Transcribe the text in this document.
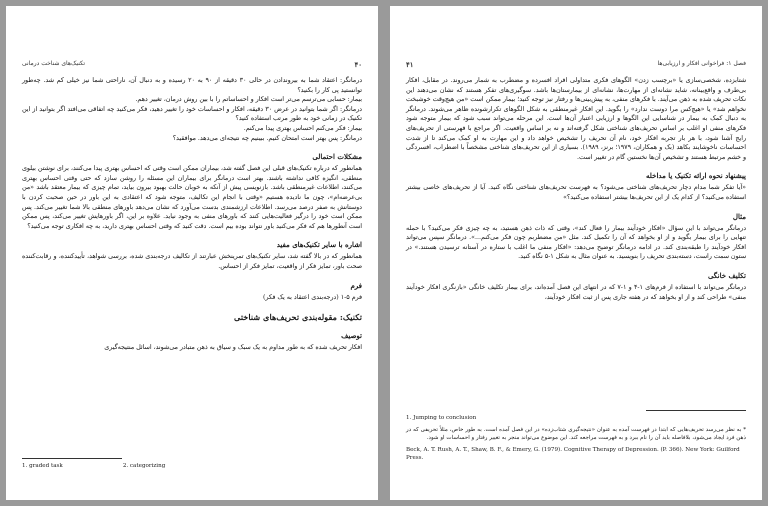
۴۰
تکنیک‌های شناخت درمانی
درمانگر: اعتقاد شما به بیروندادن در حالی ۳۰ دقیقه از ۹۰ به ۲۰ رسیده و به دنبال آن، ناراحتی شما نیز خیلی کم شد. چه‌طور توانستید پی کار را بکنید؟
بیمار: حسابی می‌ترسم می‌تر است افکار و احساساتم را با بین روش درمان، تغییر دهم.
درمانگر: اگر شما بتوانید در عرض ۳۰ دقیقه، افکار و احساسات خود را تغییر دهید، فکر می‌کنید چه اتفاقی می‌افتد اگر بتوانید از این تکنیک در زمانی خود به طور مرتب استفاده کنید؟
بیمار: فکر می‌کنم احساس بهتری پیدا می‌کنم.
درمانگر: پس بهتر است امتحان کنیم. ببینیم چه نتیجه‌ای می‌دهد. موافقید؟
مشکلات احتمالی
همانطور که درباره تکنیک‌های قبلی این فصل گفته شد، بیماران ممکن است وقتی که احساس بهتری پیدا می‌کنند، برای نوشتن بیلوی منطقی، انگیزه کافی نداشته باشند. بهتر است درمانگر برای بیماران این مسئله را روشن سازد که حتی وقتی احساس بهتری می‌کنند، اطلاعات غیرمنطقی باشد. بازنویسی پیش از آنکه به خوبان حالت بهبود بیرون بیاید، تمام چیزی که بیمار معتقد باشد «من بی‌عرضه‌ام»، چون ما نادیده هستیم «وقتی با انجام این تکالیف، متوجه شود که اعتقادی به این باور در حین صحبت کردن با دوستانش به صفر درصد می‌رسد. اطلاعات ارزشمندی بدست می‌آورد که نشان می‌دهد باورهای منطقی بالا شما تغییر می‌کند. پس ممکن است خود را درگیر فعالیت‌هایی کنند که باورهای منفی به وجود نیاید. علاوه بر این، اگر باورهایش تغییر می‌کند، پس ممکن است آنطورها هم که فکر می‌کنید باور نتواند بوده بیم است. دقت کنید که وقتی احساس بهتری دارید، به چه افکاری توجه می‌کنید؟
اشاره با سایر تکنیک‌های مفید
همانطور که در بالا گفته شد، سایر تکنیک‌های تمرینخش عبارتند از تکالیف درجه‌بندی شده، بررسی شواهد، تأییدکننده، و رقابت‌کننده صحت باور، تمایز فکر از واقعیت، تمایز فکر از احساس.
فرم
فرم ۵-۱ (درجه‌بندی اعتقاد به یک فکر)
تکنیک: مقوله‌بندی تحریف‌های شناختی
توصیف
افکار تحریف شده که به طور مداوم به یک سبک و سیاق به ذهن متبادر می‌شوند، اسائل منتیجه‌گیری
1. graded task	2. categorizing
فصل ۱: فراخوانی افکار و ارزیابی‌ها
۴۱
شتابزده، شخصی‌سازی یا «برچسب زدن» الگوهای فکری متداولی افراد افسرده و مضطرب به شمار می‌روند. در مقابل، افکار بی‌طرف و واقع‌بینانه، شاید نشانه‌ای از مهارت‌ها، نشانه‌ای از بیمارستان‌ها باشد. سوگیری‌های تفکر هستند که نشان می‌دهند این نکات تحریف شده به ذهن می‌آیند. با فکرهای منفی، به پیش‌بینی‌ها و رفتار نیز توجه کنید؛ بیمار ممکن است «من هیچ‌وقت خوشبخت نخواهم شد» یا «هیچ‌کس مرا دوست ندارد» را بگوید. این افکار غیرمنطقی به شکل الگوهای تکرارشونده ظاهر می‌شوند. درمانگر به دنبال کمک به بیمار در شناسایی این الگوها و ارزیابی اعتبار آن‌ها است. این مرحله می‌تواند سبب شود که بیمار متوجه شود فکرهای منفی او اغلب بر اساس تحریف‌های شناختی شکل گرفته‌اند و نه بر اساس واقعیت. اگر مراجع با فهرستی از تحریف‌های رایج آشنا شود، با هر بار تجربه افکار خود، نام آن تحریف را تشخیص خواهد داد و این مهارت به او کمک می‌کند تا از شدت احساسات ناخوشایند بکاهد (بک و همکاران، ۱۹۷۹؛ برنز، ۱۹۸۹). بسیاری از این تحریف‌های شناختی مشخصاً با اضطراب، افسردگی و خشم مرتبط هستند و تشخیص آن‌ها نخستین گام در تغییر است.
پیشنهاد نحوه ارائه تکنیک یا مداخله
«آیا تفکر شما مدام دچار تحریف‌های شناختی می‌شود؟ به فهرست تحریف‌های شناختی نگاه کنید. آیا از تحریف‌های خاصی بیشتر استفاده می‌کنید؟ از کدام یک از این تحریف‌ها بیشتر استفاده می‌کنید؟»
مثال
درمانگر می‌تواند با این سؤال «افکار خودآیند بیمار را فعال کند»، وقتی که ذات ذهن هستید، به چه چیزی فکر می‌کنید؟ با حمله تنهایی را برای بیمار بگوید و از او بخواهد که آن را تکمیل کند. مثل «من مضطربم چون فکر می‌کنم...». درمانگر سپس می‌تواند افکار خودآیند را طبقه‌بندی کند. در ادامه درمانگر توضیح می‌دهد: «افکار منفی ما اغلب با ستاره در آستانه ترسیدن هستند.» در ستون سمت راست، دسته‌بندی تحریف را بنویسید. به عنوان مثال به شکل ۱-۵ نگاه کنید.
تکلیف خانگی
درمانگر می‌تواند با استفاده از فرم‌های ۱-۴ و ۱-۷ که در انتهای این فصل آمده‌اند، برای بیمار تکلیف خانگی «بازنگری افکار خودآیند منفی» طراحی کند و از او بخواهد که در هفته جاری پس از ثبت افکار خودآیند،
1. Jumping to conclusion
* به نظر می‌رسد تحریف‌هایی که ابتدا در فهرست آمده به عنوان «نتیجه‌گیری شتاب‌زده» در این فصل آمده است. به طور خاص، مثلاً تحریفی که در ذهن فرد ایجاد می‌شود، بلافاصله باید آن را نام ببرد و به فهرست مراجعه کند. این موضوع می‌تواند منجر به تغییر رفتار و احساسات او شود.
Beck, A. T. Rush, A. T., Shaw, B. F., & Emery, G. (1979). Cognitive Therapy of Depression. (P. 366). New York: Guilford Press.
